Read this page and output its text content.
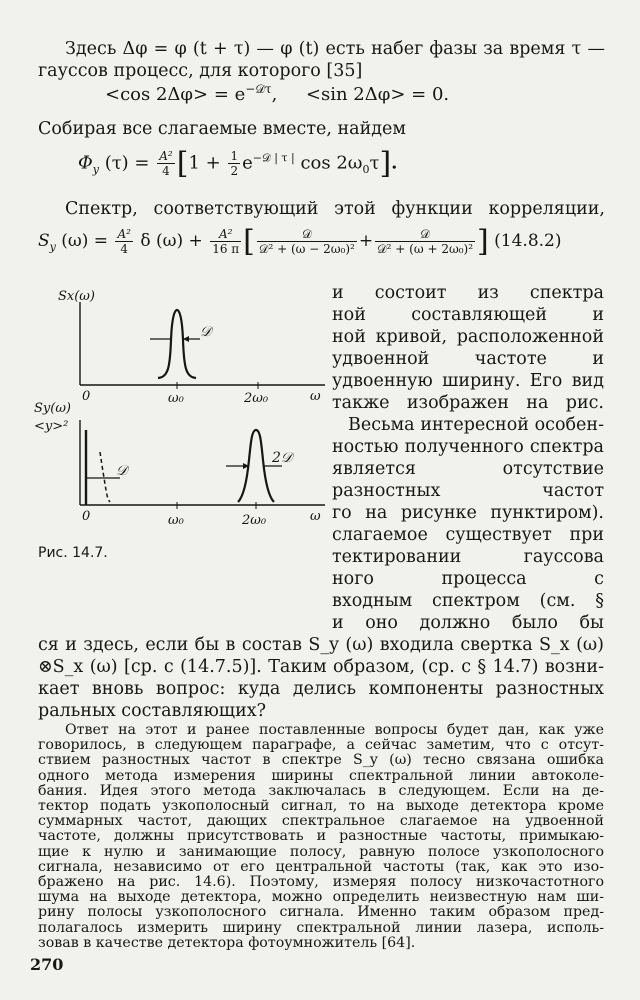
Здесь Δφ = φ (t + τ) — φ (t) есть набег фазы за время τ —
гауссов процесс, для которого [35]
<cos $2\Delta\varphi> = e^{-𝒟\tau}$,     <sin 2Δφ> = 0.
Собирая все слагаемые вместе, найдем
$\Phi_y$ $(\tau) = \frac{\text{A²}}{4} [1 + \frac{1}{2} e^{-𝒟 | \tau |}$ $\cos 2\omega_0\tau$].
Спектр, соответствующий этой функции корреляции,
$S_y$ $(\omega) = \frac{\text{A²}}{4}$ δ $(\omega) + \frac{\text{A²}}{16 \pi}$ [ $\frac{\text{𝒟}}{\text{𝒟² + (ω − 2ω₀)²}} + \frac{\text{𝒟}}{\text{𝒟² + (ω + 2ω₀)²}}$ ] (14.8.2)
и состоит из спектра
ной составляющей и
ной кривой, расположенной
удвоенной частоте и
удвоенную ширину. Его вид
также изображен на рис.
Весьма интересной особен-
ностью полученного спектра
является отсутствие
разностных частот
го на рисунке пунктиром).
слагаемое существует при
тектировании гауссова
ного процесса с
входным спектром (см. §
и оно должно было бы
Sx(ω)
𝒟
0	ω₀	2ω₀	ω
Sy(ω)
<y>²
𝒟
2𝒟
0	ω₀	2ω₀	ω
Рис. 14.7.
ся и здесь, если бы в состав S_y (ω) входила свертка S_x (ω)
⊗S_x (ω) [ср. с (14.7.5)]. Таким образом, (ср. с § 14.7) возни-
кает вновь вопрос: куда делись компоненты разностных
ральных составляющих?
Ответ на этот и ранее поставленные вопросы будет дан, как уже
говорилось, в следующем параграфе, а сейчас заметим, что с отсут-
ствием разностных частот в спектре S_y (ω) тесно связана ошибка
одного метода измерения ширины спектральной линии автоколе-
бания. Идея этого метода заключалась в следующем. Если на де-
тектор подать узкополосный сигнал, то на выходе детектора кроме
суммарных частот, дающих спектральное слагаемое на удвоенной
частоте, должны присутствовать и разностные частоты, примыкаю-
щие к нулю и занимающие полосу, равную полосе узкополосного
сигнала, независимо от его центральной частоты (так, как это изо-
бражено на рис. 14.6). Поэтому, измеряя полосу низкочастотного
шума на выходе детектора, можно определить неизвестную нам ши-
рину полосы узкополосного сигнала. Именно таким образом пред-
полагалось измерить ширину спектральной линии лазера, исполь-
зовав в качестве детектора фотоумножитель [64].
270
